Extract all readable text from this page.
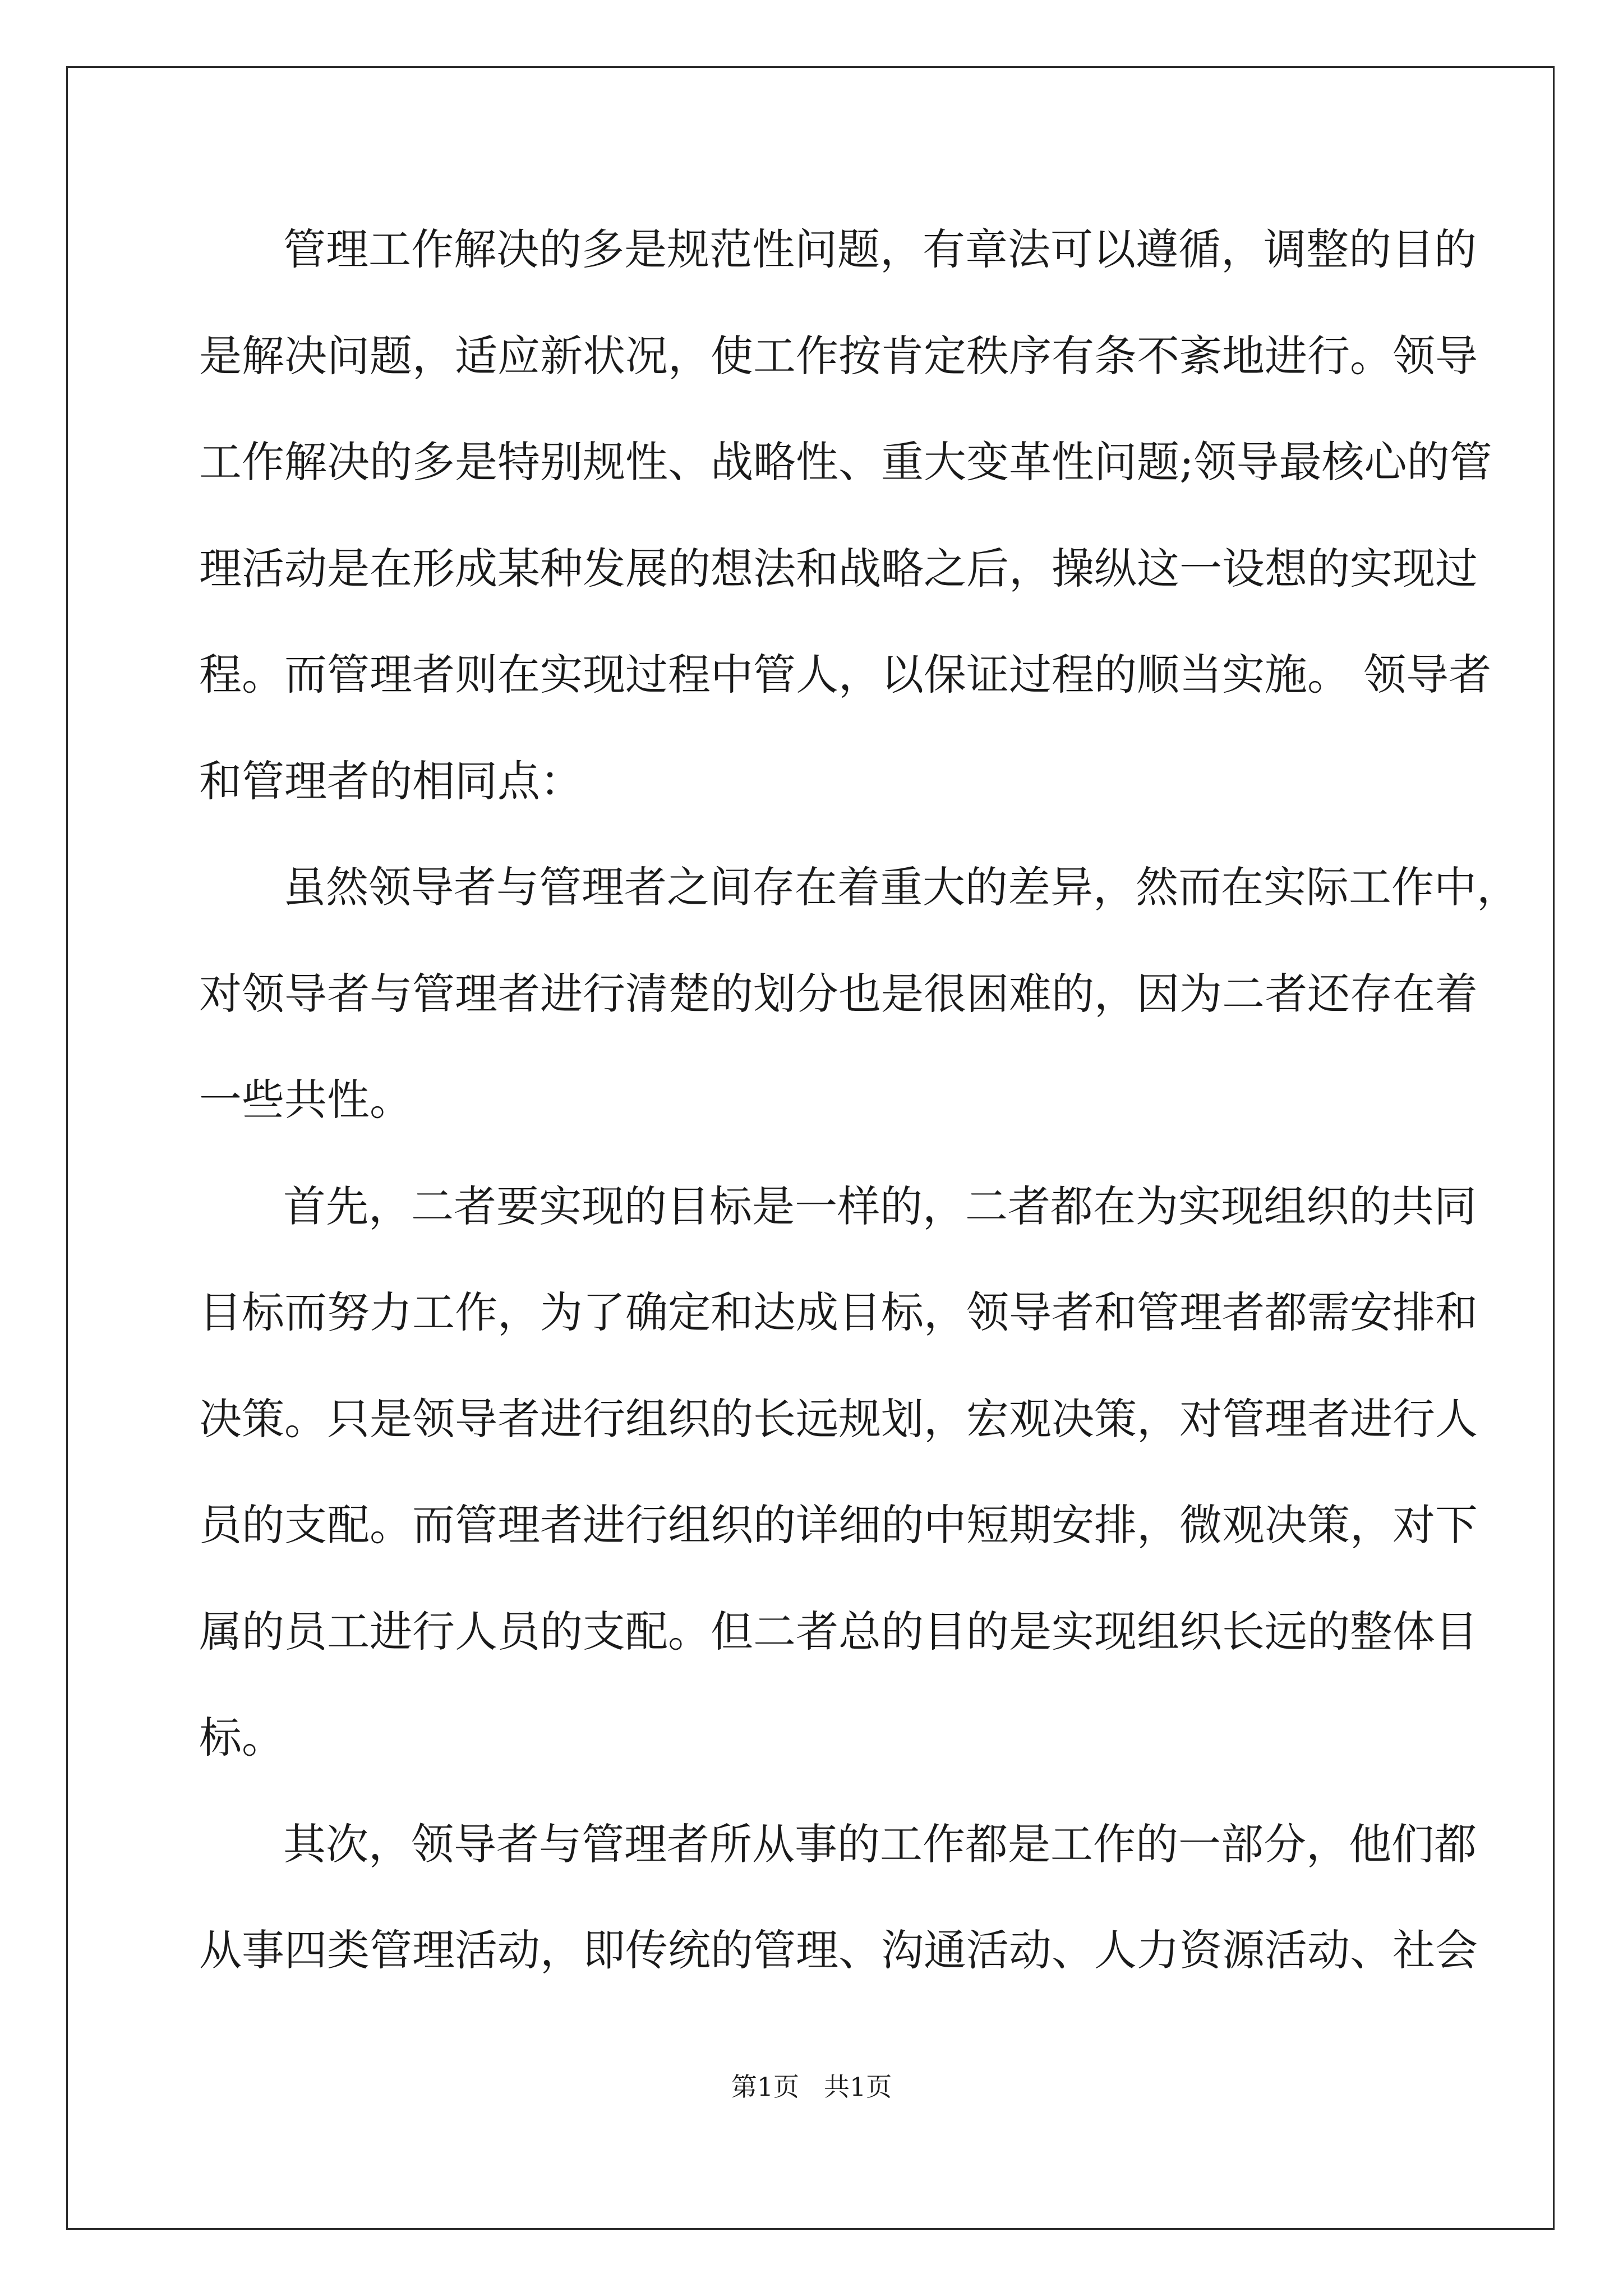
管理工作解决的多是规范性问题，有章法可以遵循，调整的目的
是解决问题，适应新状况，使工作按肯定秩序有条不紊地进行。领导
工作解决的多是特别规性、战略性、重大变革性问题;领导最核心的管
理活动是在形成某种发展的想法和战略之后，操纵这一设想的实现过
程。而管理者则在实现过程中管人，以保证过程的顺当实施。 领导者
和管理者的相同点：
虽然领导者与管理者之间存在着重大的差异，然而在实际工作中，
对领导者与管理者进行清楚的划分也是很困难的，因为二者还存在着
一些共性。
首先，二者要实现的目标是一样的，二者都在为实现组织的共同
目标而努力工作，为了确定和达成目标，领导者和管理者都需安排和
决策。只是领导者进行组织的长远规划，宏观决策，对管理者进行人
员的支配。而管理者进行组织的详细的中短期安排，微观决策，对下
属的员工进行人员的支配。但二者总的目的是实现组织长远的整体目
标。
其次，领导者与管理者所从事的工作都是工作的一部分，他们都
从事四类管理活动，即传统的管理、沟通活动、人力资源活动、社会
第1页 共1页
